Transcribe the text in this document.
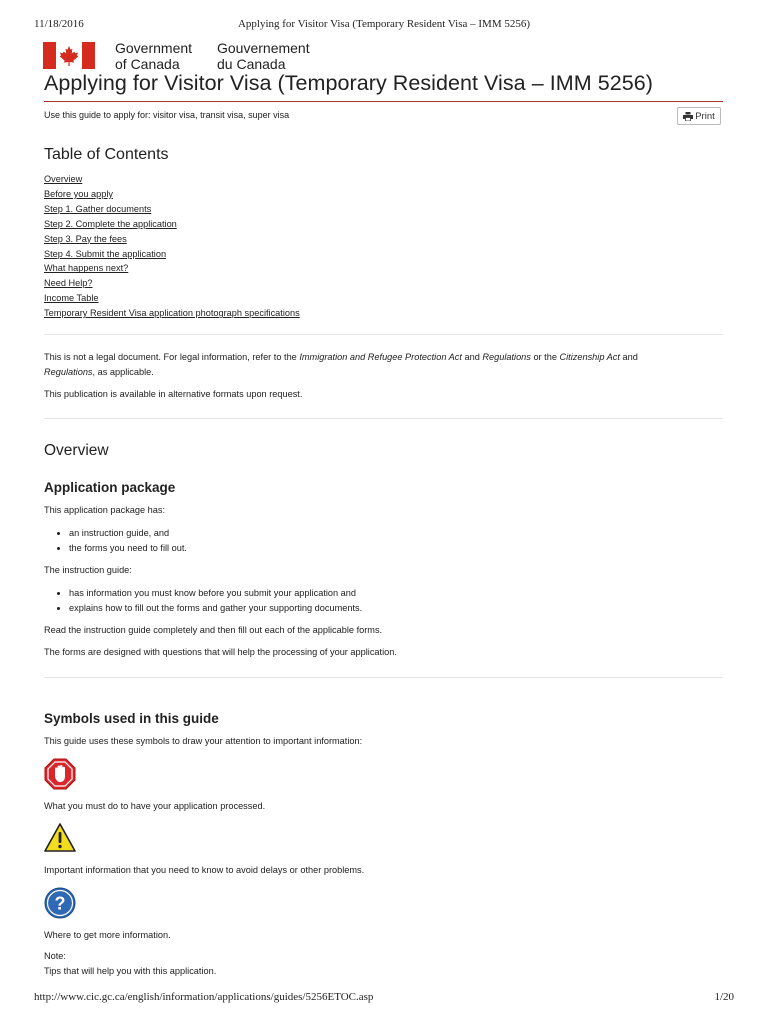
11/18/2016	Applying for Visitor Visa (Temporary Resident Visa – IMM 5256)
Government
of Canada
Gouvernement
du Canada
Applying for Visitor Visa (Temporary Resident Visa – IMM 5256)
Use this guide to apply for: visitor visa, transit visa, super visa	Print
Table of Contents
Overview
Before you apply
Step 1. Gather documents
Step 2. Complete the application
Step 3. Pay the fees
Step 4. Submit the application
What happens next?
Need Help?
Income Table
Temporary Resident Visa application photograph specifications

This is not a legal document. For legal information, refer to the Immigration and Refugee Protection Act and Regulations or the Citizenship Act and
Regulations, as applicable.

This publication is available in alternative formats upon request.

Overview
Application package

This application package has:

• an instruction guide, and
• the forms you need to fill out.

The instruction guide:

• has information you must know before you submit your application and
• explains how to fill out the forms and gather your supporting documents.

Read the instruction guide completely and then fill out each of the applicable forms.

The forms are designed with questions that will help the processing of your application.

Symbols used in this guide

This guide uses these symbols to draw your attention to important information:

What you must do to have your application processed.

Important information that you need to know to avoid delays or other problems.

?

Where to get more information.

Note:

Tips that will help you with this application.

http://www.cic.gc.ca/english/information/applications/guides/5256ETOC.asp	1/20
